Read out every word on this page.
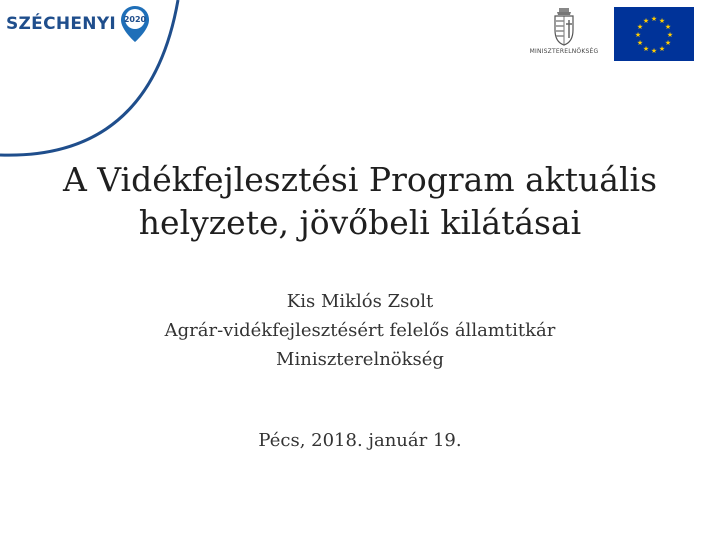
SZÉCHENYI 2020
MINISZTERELNÖKSÉG
★ ★
★
★
★
★
★
★
★
★
★
★
A Vidékfejlesztési Program aktuális
helyzete, jövőbeli kilátásai
Kis Miklós Zsolt
Agrár-vidékfejlesztésért felelős államtitkár
Miniszterelnökség
Pécs, 2018. január 19.
